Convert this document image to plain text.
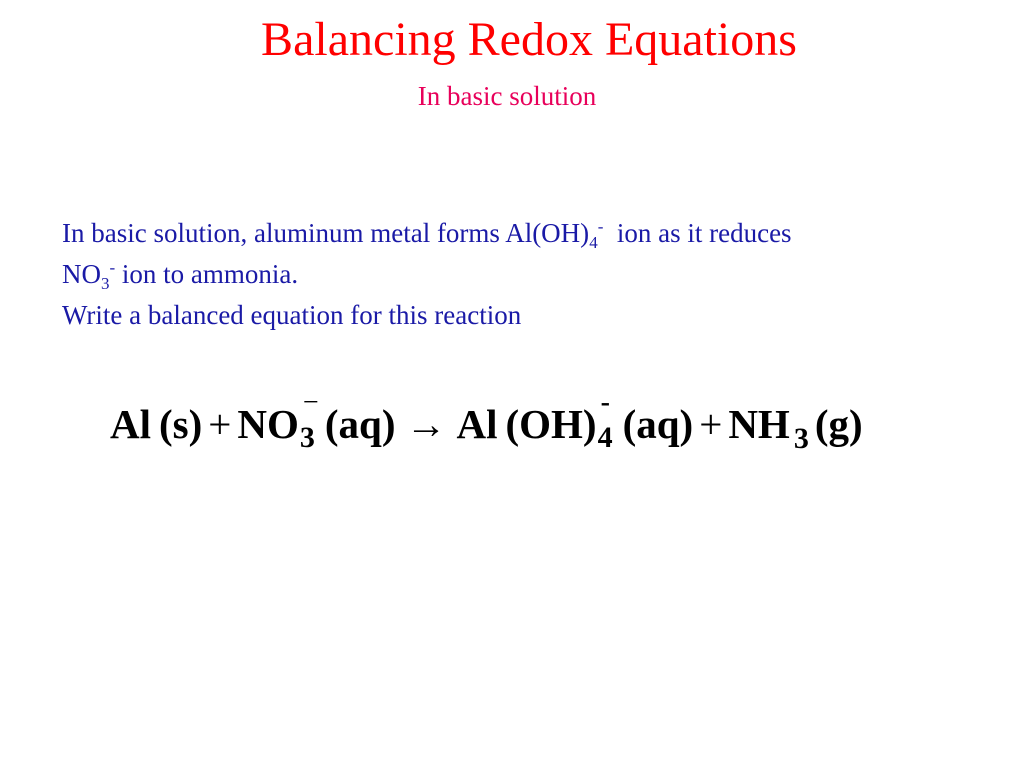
Balancing Redox Equations
In basic solution
In basic solution, aluminum metal forms $Al(OH)_4^-$  ion as it reduces
$NO_3^-$ ion to ammonia.
Write a balanced equation for this reaction
Al (s) + NO −
3 (aq) → Al (OH) -
4 (aq) + NH 3 (g)
